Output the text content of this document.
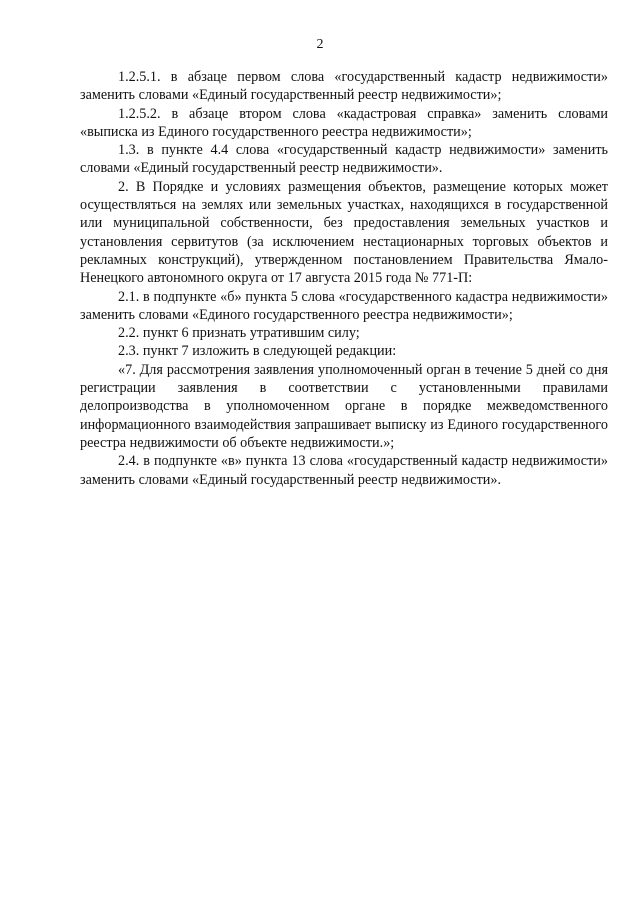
2

1.2.5.1. в абзаце первом слова «государственный кадастр недвижимости» заменить словами «Единый государственный реестр недвижимости»;

1.2.5.2. в абзаце втором слова «кадастровая справка» заменить словами «выписка из Единого государственного реестра недвижимости»;

1.3. в пункте 4.4 слова «государственный кадастр недвижимости» заменить словами «Единый государственный реестр недвижимости».

2. В Порядке и условиях размещения объектов, размещение которых может осуществляться на землях или земельных участках, находящихся в государственной или муниципальной собственности, без предоставления земельных участков и установления сервитутов (за исключением нестационарных торговых объектов и рекламных конструкций), утвержденном постановлением Правительства Ямало-Ненецкого автономного округа от 17 августа 2015 года № 771-П:

2.1. в подпункте «б» пункта 5 слова «государственного кадастра недвижимости» заменить словами «Единого государственного реестра недвижимости»;

2.2. пункт 6 признать утратившим силу;

2.3. пункт 7 изложить в следующей редакции:

«7. Для рассмотрения заявления уполномоченный орган в течение 5 дней со дня регистрации заявления в соответствии с установленными правилами делопроизводства в уполномоченном органе в порядке межведомственного информационного взаимодействия запрашивает выписку из Единого государственного реестра недвижимости об объекте недвижимости.»;

2.4. в подпункте «в» пункта 13 слова «государственный кадастр недвижимости» заменить словами «Единый государственный реестр недвижимости».
